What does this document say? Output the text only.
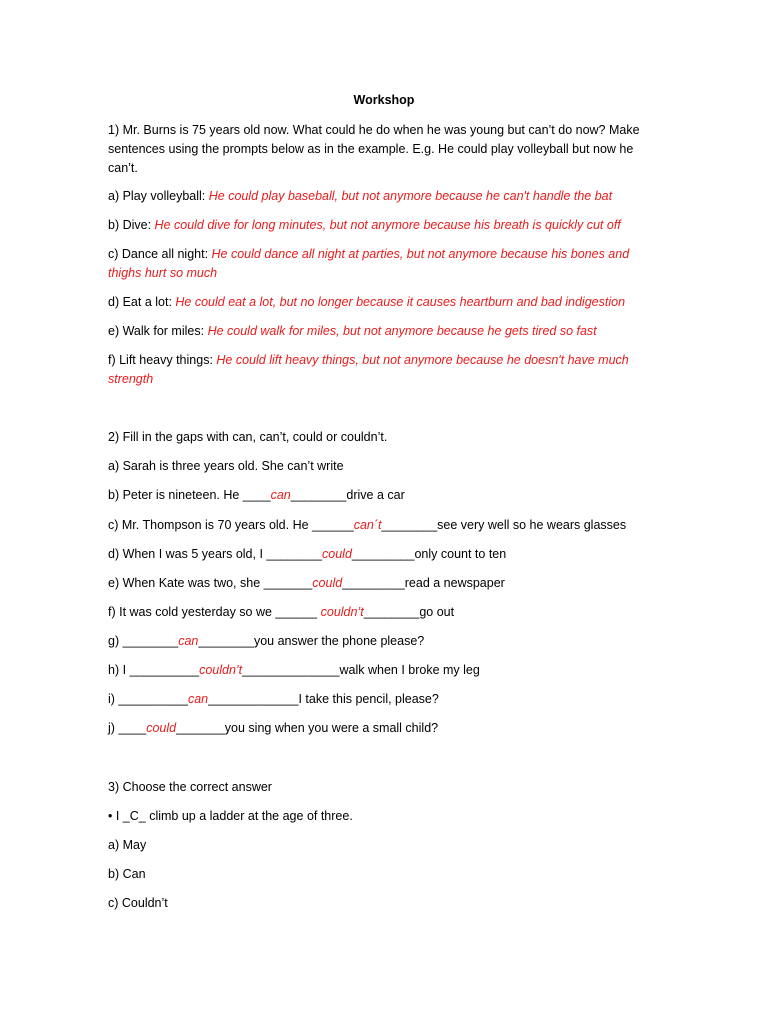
Workshop
1) Mr. Burns is 75 years old now. What could he do when he was young but can’t do now? Make sentences using the prompts below as in the example. E.g. He could play volleyball but now he can’t.
a) Play volleyball: He could play baseball, but not anymore because he can't handle the bat
b) Dive: He could dive for long minutes, but not anymore because his breath is quickly cut off
c) Dance all night: He could dance all night at parties, but not anymore because his bones and thighs hurt so much
d) Eat a lot: He could eat a lot, but no longer because it causes heartburn and bad indigestion
e) Walk for miles: He could walk for miles, but not anymore because he gets tired so fast
f) Lift heavy things: He could lift heavy things, but not anymore because he doesn't have much strength
2) Fill in the gaps with can, can’t, could or couldn’t.
a) Sarah is three years old. She can’t write
b) Peter is nineteen. He ____can________drive a car
c) Mr. Thompson is 70 years old. He ______can´t________see very well so he wears glasses
d) When I was 5 years old, I ________could_________only count to ten
e) When Kate was two, she _______could_________read a newspaper
f) It was cold yesterday so we ______ couldn’t________go out
g) ________can________you answer the phone please?
h) I __________couldn’t______________walk when I broke my leg
i) __________can_____________I take this pencil, please?
j) ____could_______you sing when you were a small child?
3) Choose the correct answer
• I _C_ climb up a ladder at the age of three.
a) May
b) Can
c) Couldn’t
